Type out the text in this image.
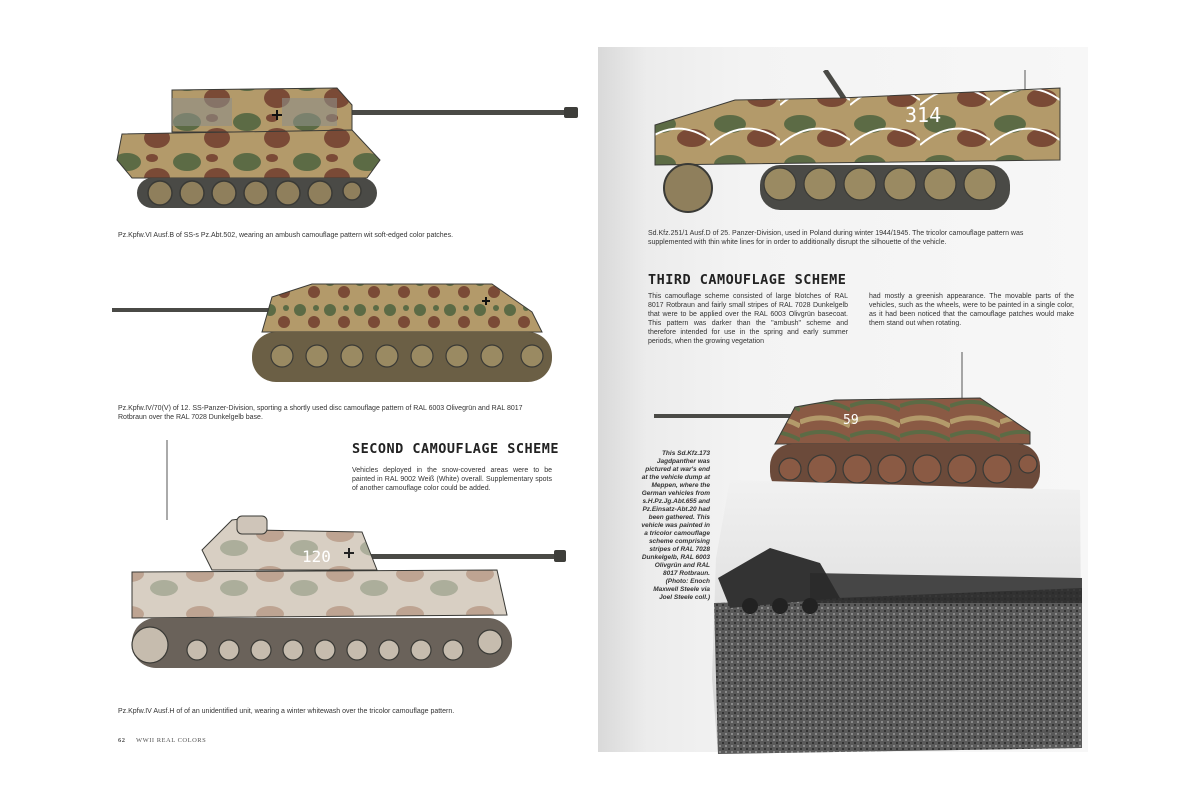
Pz.Kpfw.VI Ausf.B of SS-s Pz.Abt.502, wearing an ambush camouflage pattern wit soft-edged color patches.
Pz.Kpfw.IV/70(V) of 12. SS-Panzer-Division, sporting a shortly used disc camouflage pattern of RAL 6003 Olivegrün and RAL 8017 Rotbraun over the RAL 7028 Dunkelgelb base.
SECOND CAMOUFLAGE SCHEME
Vehicles deployed in the snow-covered areas were to be painted in RAL 9002 Weiß (White) overall. Supplementary spots of another camouflage color could be added.
120
Pz.Kpfw.IV Ausf.H of of an unidentified unit, wearing a winter whitewash over the tricolor camouflage pattern.
62 WWII REAL COLORS
314
Sd.Kfz.251/1 Ausf.D of 25. Panzer-Division, used in Poland during winter 1944/1945. The tricolor camouflage pattern was supplemented with thin white lines for in order to additionally disrupt the silhouette of the vehicle.
THIRD CAMOUFLAGE SCHEME
This camouflage scheme consisted of large blotches of RAL 8017 Rotbraun and fairly small stripes of RAL 7028 Dunkelgelb that were to be applied over the RAL 6003 Olivgrün basecoat. This pattern was darker than the "ambush" scheme and therefore intended for use in the spring and early summer periods, when the growing vegetation
had mostly a greenish appearance. The movable parts of the vehicles, such as the wheels, were to be painted in a single color, as it had been noticed that the camouflage patches would make them stand out when rotating.
59
This Sd.Kfz.173 Jagdpanther was pictured at war's end at the vehicle dump at Meppen, where the German vehicles from s.H.Pz.Jg.Abt.655 and Pz.Einsatz-Abt.20 had been gathered. This vehicle was painted in a tricolor camouflage scheme comprising stripes of RAL 7028 Dunkelgelb, RAL 6003 Olivgrün and RAL 8017 Rotbraun. (Photo: Enoch Maxwell Steele via Joel Steele coll.)
REAL COLORS
63
